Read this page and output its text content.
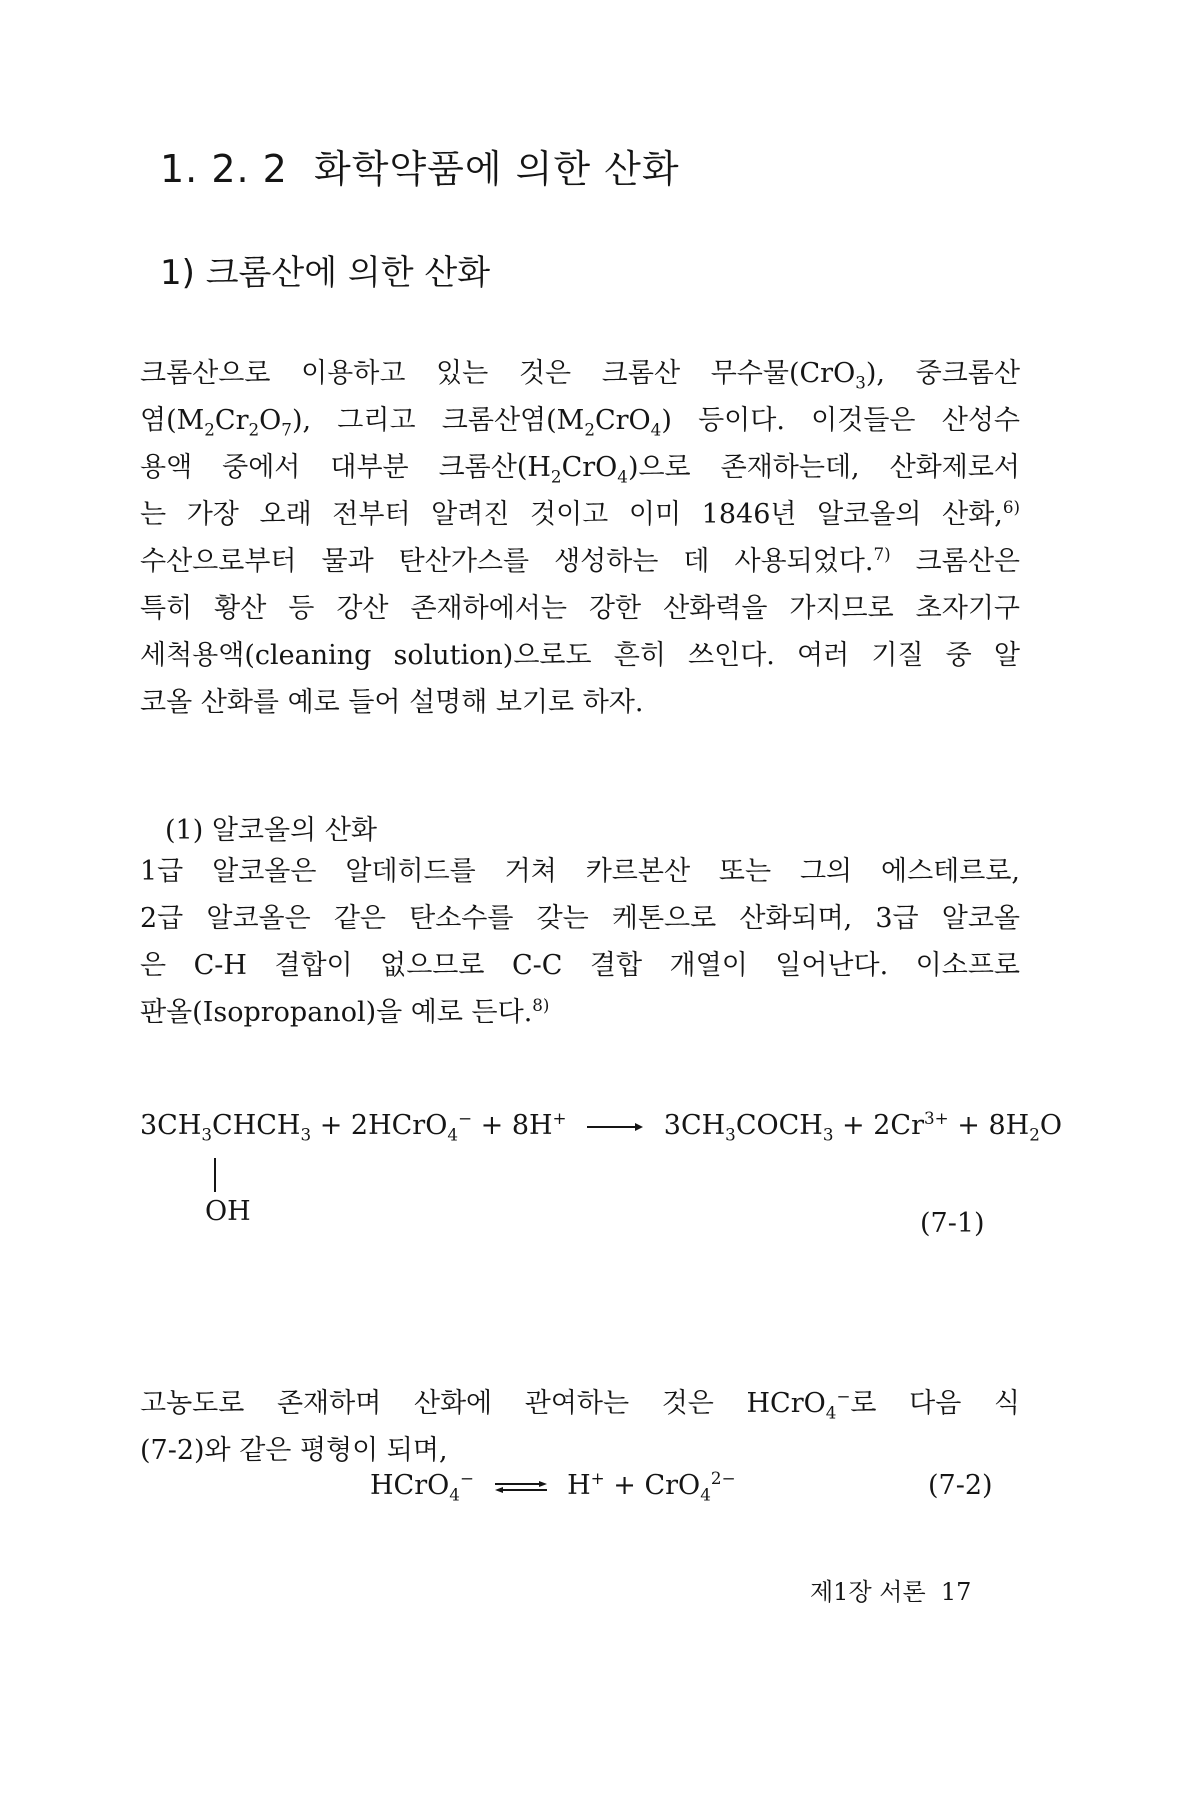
1. 2. 2 화학약품에 의한 산화
1) 크롬산에 의한 산화
크롬산으로 이용하고 있는 것은 크롬산 무수물(CrO$_3$), 중크롬산
염$(M_2Cr_2O_7)$, 그리고 크롬산염$(M_2CrO_4)$ 등이다. 이것들은 산성수
용액 중에서 대부분 크롬산$(H_2CrO_4)$으로 존재하는데, 산화제로서
는 가장 오래 전부터 알려진 것이고 이미 1846년 알코올의 산화,$^{6)}$
수산으로부터 물과 탄산가스를 생성하는 데 사용되었다.$^{7)}$ 크롬산은
특히 황산 등 강산 존재하에서는 강한 산화력을 가지므로 초자기구
세척용액(cleaning solution)으로도 흔히 쓰인다. 여러 기질 중 알
코올 산화를 예로 들어 설명해 보기로 하자.
(1) 알코올의 산화
1급 알코올은 알데히드를 거쳐 카르본산 또는 그의 에스테르로,
2급 알코올은 같은 탄소수를 갖는 케톤으로 산화되며, 3급 알코올
은 C-H 결합이 없으므로 C-C 결합 개열이 일어난다. 이소프로
판올(Isopropanol)을 예로 든다.$^{8)}$
$3CH_3CHCH_3$ + 2HCrO$_4$− + $8H^+ \to 3CH_3COCH_3 + 2Cr^{3+} + 8H_2O$
OH	(7-1)
고농도로 존재하며 산화에 관여하는 것은 HCrO$_4$−로 다음 식
(7-2)와 같은 평형이 되며,
HCrO$_4$− ⇌ H+ + CrO$_4^{2-}$	(7-2)
제1장 서론 17
